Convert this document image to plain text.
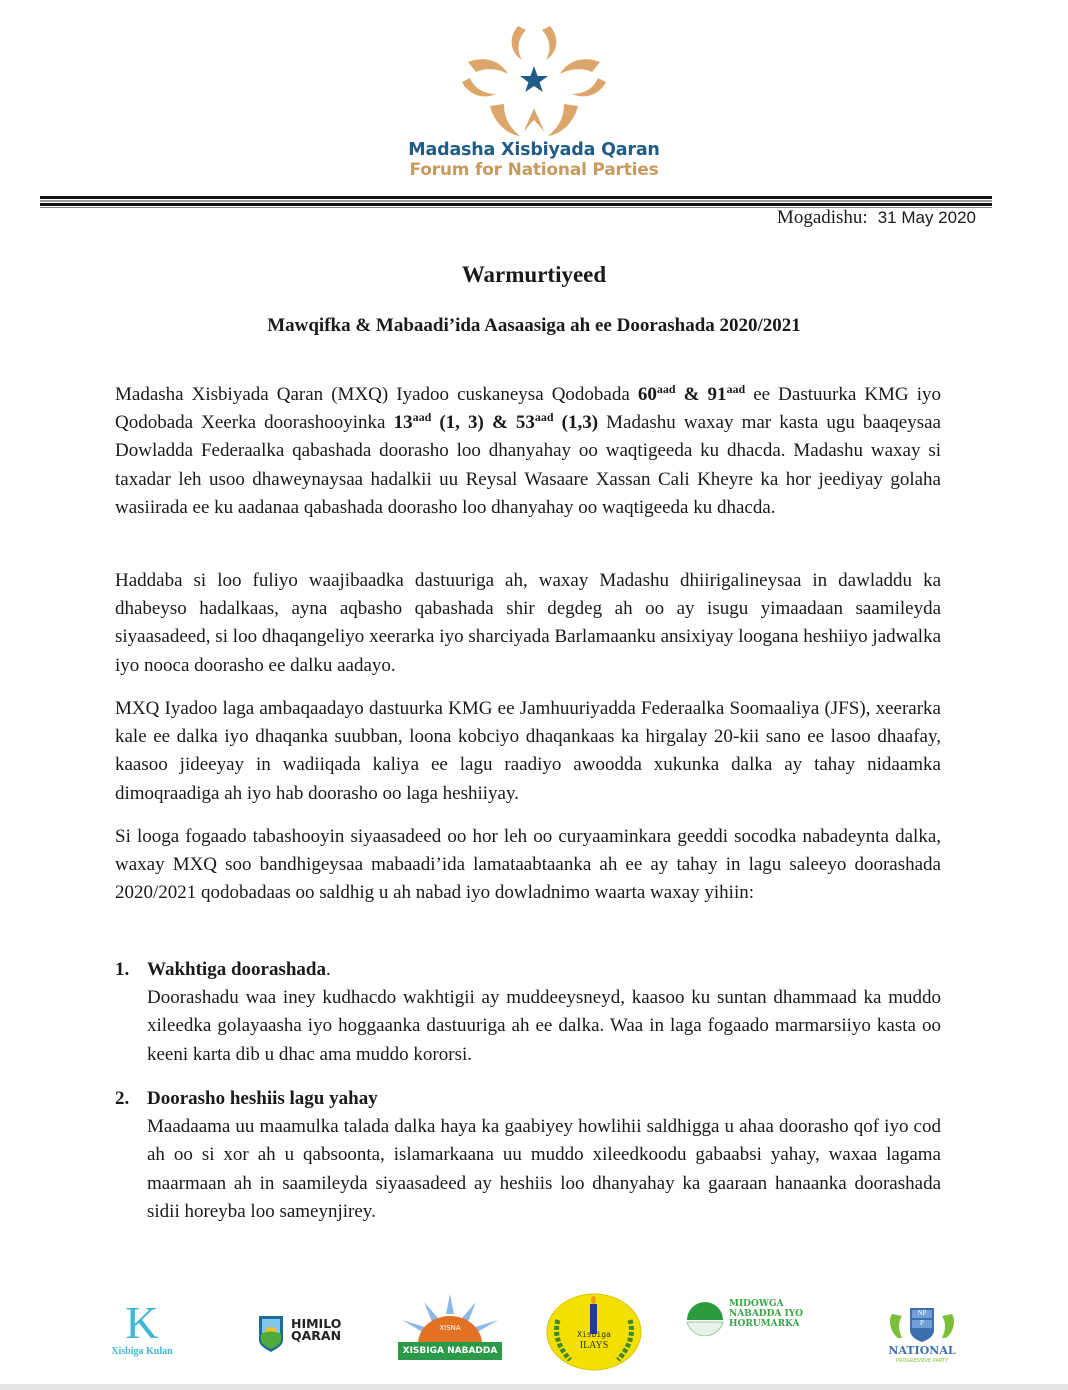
Madasha Xisbiyada Qaran
Forum for National Parties
Mogadishu: 31 May 2020
Warmurtiyeed
Mawqifka & Mabaadi’ida Aasaasiga ah ee Doorashada 2020/2021
Madasha Xisbiyada Qaran (MXQ) Iyadoo cuskaneysa Qodobada $60^{aad}$ & $91^{aad}$ ee Dastuurka KMG iyo Qodobada Xeerka doorashooyinka $13^{aad}$ (1, 3) & $53^{aad}$ (1,3) Madashu waxay mar kasta ugu baaqeysaa Dowladda Federaalka qabashada doorasho loo dhanyahay oo waqtigeeda ku dhacda. Madashu waxay si taxadar leh usoo dhaweynaysaa hadalkii uu Reysal Wasaare Xassan Cali Kheyre ka hor jeediyay golaha wasiirada ee ku aadanaa qabashada doorasho loo dhanyahay oo waqtigeeda ku dhacda.
Haddaba si loo fuliyo waajibaadka dastuuriga ah, waxay Madashu dhiirigalineysaa in dawladdu ka dhabeyso hadalkaas, ayna aqbasho qabashada shir degdeg ah oo ay isugu yimaadaan saamileyda siyaasadeed, si loo dhaqangeliyo xeerarka iyo sharciyada Barlamaanku ansixiyay loogana heshiiyo jadwalka iyo nooca doorasho ee dalku aadayo.
MXQ Iyadoo laga ambaqaadayo dastuurka KMG ee Jamhuuriyadda Federaalka Soomaaliya (JFS), xeerarka kale ee dalka iyo dhaqanka suubban, loona kobciyo dhaqankaas ka hirgalay 20-kii sano ee lasoo dhaafay, kaasoo jideeyay in wadiiqada kaliya ee lagu raadiyo awoodda xukunka dalka ay tahay nidaamka dimoqraadiga ah iyo hab doorasho oo laga heshiiyay.
Si looga fogaado tabashooyin siyaasadeed oo hor leh oo curyaaminkara geeddi socodka nabadeynta dalka, waxay MXQ soo bandhigeysaa mabaadi’ida lamataabtaanka ah ee ay tahay in lagu saleeyo doorashada 2020/2021 qodobadaas oo saldhig u ah nabad iyo dowladnimo waarta waxay yihiin:
1. Wakhtiga doorashada.
Doorashadu waa iney kudhacdo wakhtigii ay muddeeysneyd, kaasoo ku suntan dhammaad ka muddo xileedka golayaasha iyo hoggaanka dastuuriga ah ee dalka. Waa in laga fogaado marmarsiiyo kasta oo keeni karta dib u dhac ama muddo kororsi.
2. Doorasho heshiis lagu yahay
Maadaama uu maamulka talada dalka haya ka gaabiyey howlihii saldhigga u ahaa doorasho qof iyo cod ah oo si xor ah u qabsoonta, islamarkaana uu muddo xileedkoodu gabaabsi yahay, waxaa lagama maarmaan ah in saamileyda siyaasadeed ay heshiis loo dhanyahay ka gaaraan hanaanka doorashada sidii horeyba loo sameynjirey.
K
Xisbiga Kulan
HIMILO
QARAN	XISNA
XISBIGA NABADDA
Xisbiga
ILAYS
MIDOWGA
NABADDA IYO
HORUMARKA
NP
P
NATIONAL
PROGRESSIVE PARTY
